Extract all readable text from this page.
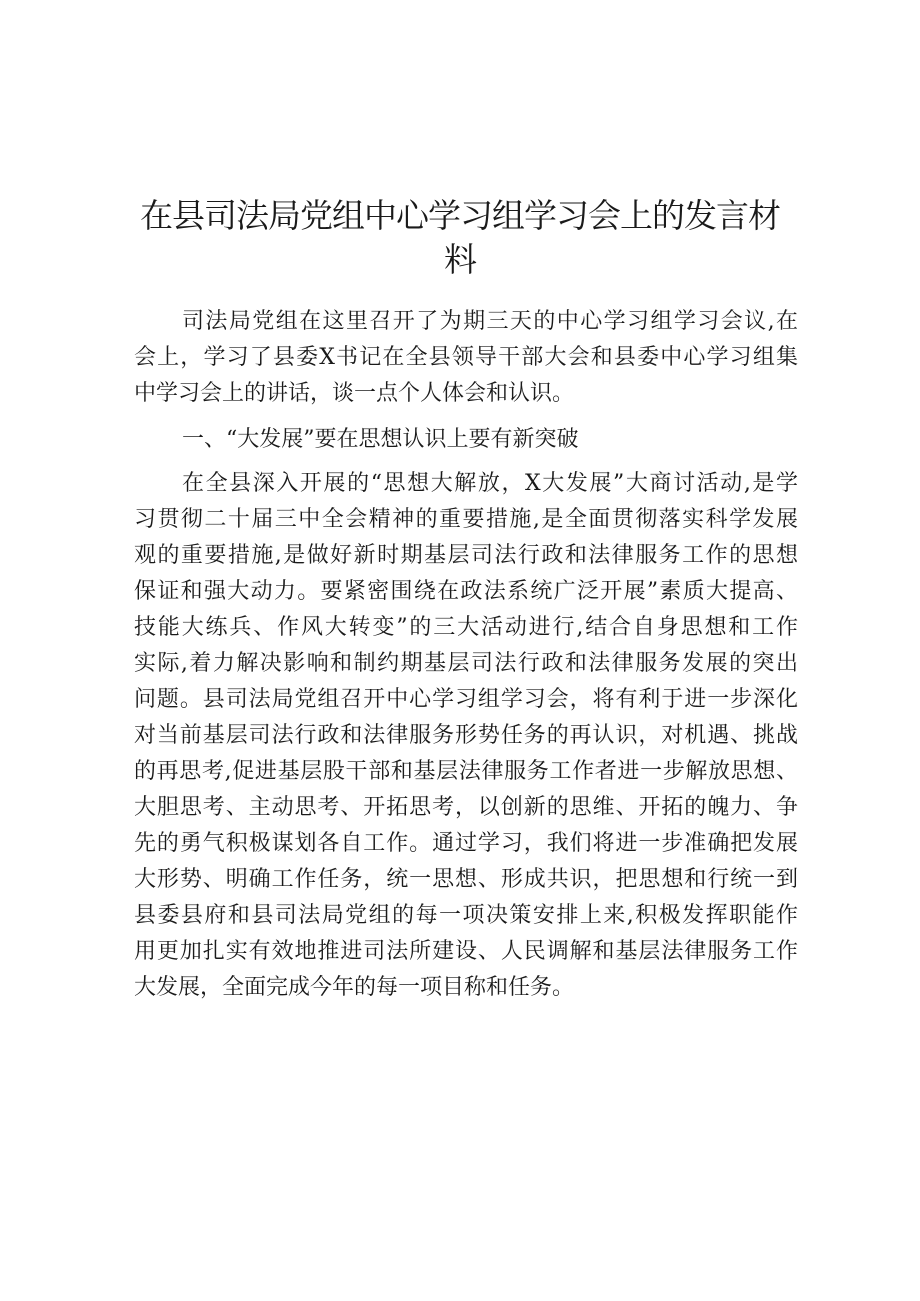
在县司法局党组中心学习组学习会上的发言材
料
司法局党组在这里召开了为期三天的中心学习组学习会议,在
会上，学习了县委X书记在全县领导干部大会和县委中心学习组集
中学习会上的讲话，谈一点个人体会和认识。
一、“大发展”要在思想认识上要有新突破
在全县深入开展的“思想大解放，X大发展”大商讨活动,是学
习贯彻二十届三中全会精神的重要措施,是全面贯彻落实科学发展
观的重要措施,是做好新时期基层司法行政和法律服务工作的思想
保证和强大动力。要紧密围绕在政法系统广泛开展”素质大提高、
技能大练兵、作风大转变”的三大活动进行,结合自身思想和工作
实际,着力解决影响和制约期基层司法行政和法律服务发展的突出
问题。县司法局党组召开中心学习组学习会，将有利于进一步深化
对当前基层司法行政和法律服务形势任务的再认识，对机遇、挑战
的再思考,促进基层股干部和基层法律服务工作者进一步解放思想、
大胆思考、主动思考、开拓思考，以创新的思维、开拓的魄力、争
先的勇气积极谋划各自工作。通过学习，我们将进一步准确把发展
大形势、明确工作任务，统一思想、形成共识，把思想和行统一到
县委县府和县司法局党组的每一项决策安排上来,积极发挥职能作
用更加扎实有效地推进司法所建设、人民调解和基层法律服务工作
大发展，全面完成今年的每一项目称和任务。
